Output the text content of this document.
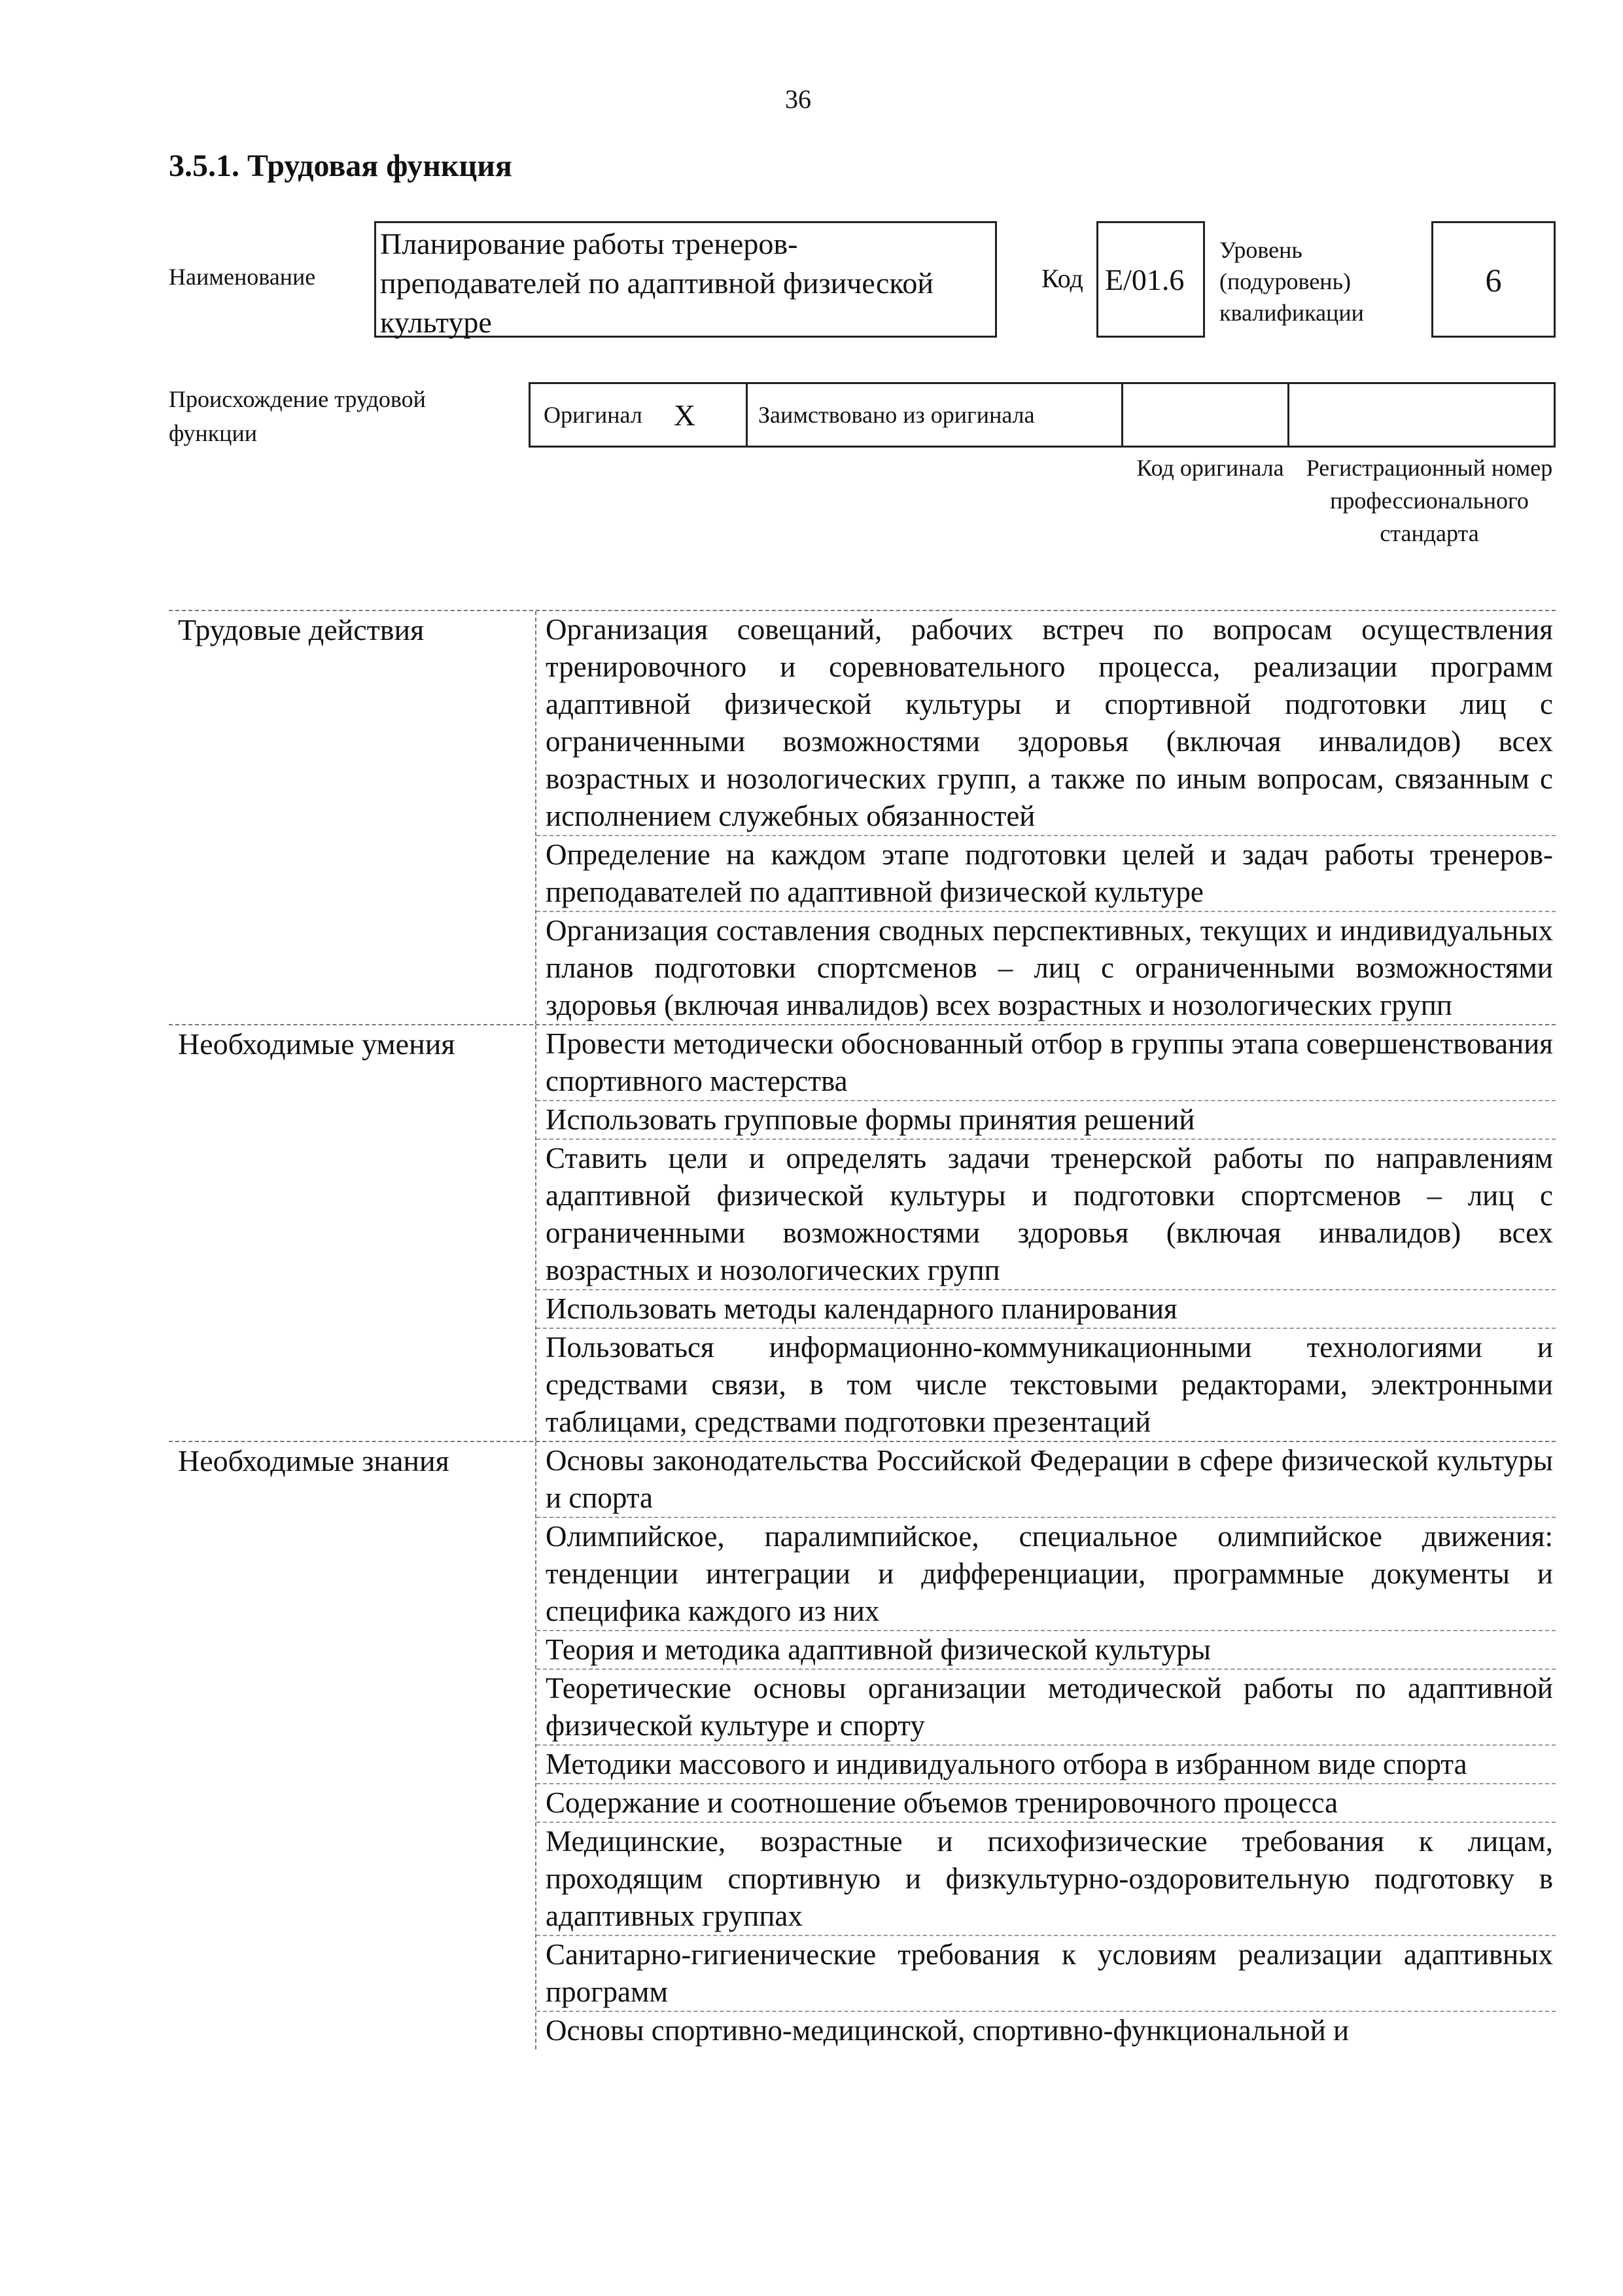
36
3.5.1. Трудовая функция
Наименование
Планирование работы тренеров-преподавателей по адаптивной физической культуре
Код Е/01.6
Уровень
(подуровень)
квалификации
6
Происхождение трудовой функции
Оригинал X	Заимствовано из оригинала
Код оригинала Регистрационный номер профессионального стандарта
Трудовые действия	Организация совещаний, рабочих встреч по вопросам осуществления тренировочного и соревновательного процесса, реализации программ адаптивной физической культуры и спортивной подготовки лиц с ограниченными возможностями здоровья (включая инвалидов) всех возрастных и нозологических групп, а также по иным вопросам, связанным с исполнением служебных обязанностей
Определение на каждом этапе подготовки целей и задач работы тренеров-преподавателей по адаптивной физической культуре
Организация составления сводных перспективных, текущих и индивидуальных планов подготовки спортсменов – лиц с ограниченными возможностями здоровья (включая инвалидов) всех возрастных и нозологических групп
Необходимые умения	Провести методически обоснованный отбор в группы этапа совершенствования спортивного мастерства
Использовать групповые формы принятия решений
Ставить цели и определять задачи тренерской работы по направлениям адаптивной физической культуры и подготовки спортсменов – лиц с ограниченными возможностями здоровья (включая инвалидов) всех возрастных и нозологических групп
Использовать методы календарного планирования
Пользоваться информационно-коммуникационными технологиями и средствами связи, в том числе текстовыми редакторами, электронными таблицами, средствами подготовки презентаций
Необходимые знания	Основы законодательства Российской Федерации в сфере физической культуры и спорта
Олимпийское, паралимпийское, специальное олимпийское движения: тенденции интеграции и дифференциации, программные документы и специфика каждого из них
Теория и методика адаптивной физической культуры
Теоретические основы организации методической работы по адаптивной физической культуре и спорту
Методики массового и индивидуального отбора в избранном виде спорта
Содержание и соотношение объемов тренировочного процесса
Медицинские, возрастные и психофизические требования к лицам, проходящим спортивную и физкультурно-оздоровительную подготовку в адаптивных группах
Санитарно-гигиенические требования к условиям реализации адаптивных программ
Основы спортивно-медицинской, спортивно-функциональной и
